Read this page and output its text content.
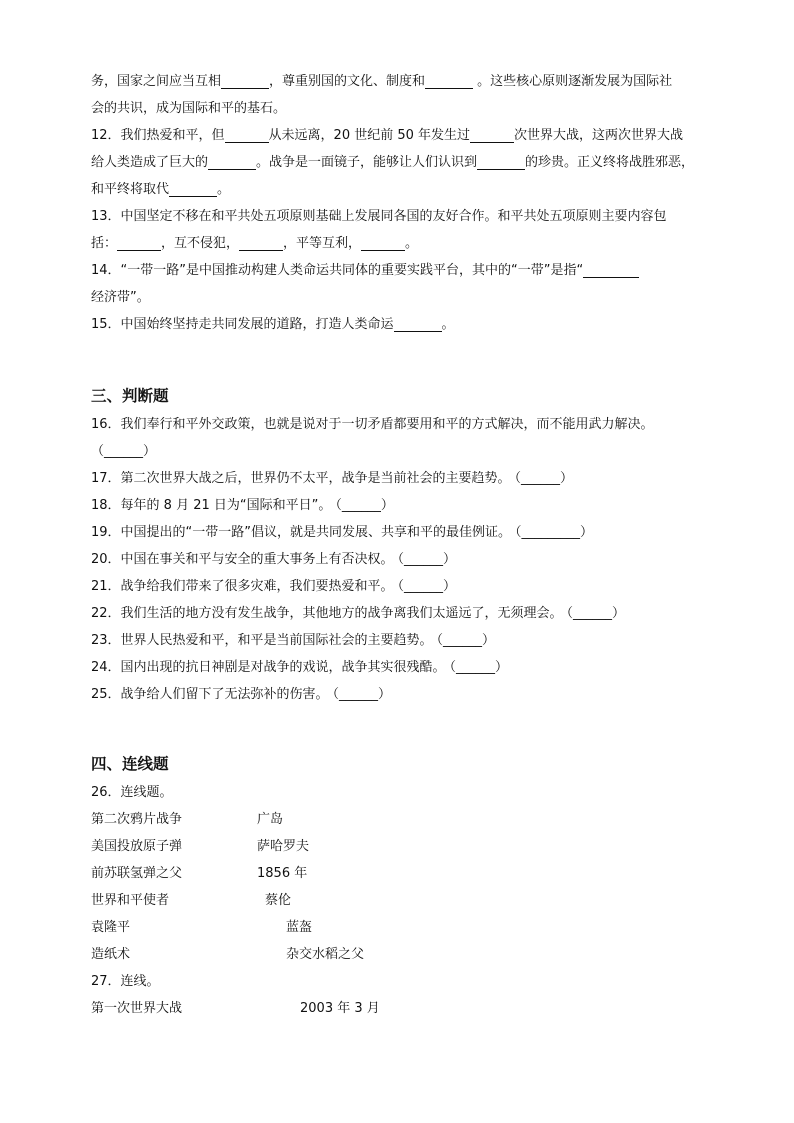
务，国家之间应当互相	，尊重别国的文化、制度和	。这些核心原则逐渐发展为国际社
会的共识，成为国际和平的基石。
12．我们热爱和平，但	从未远离，20 世纪前 50 年发生过	次世界大战，这两次世界大战
给人类造成了巨大的	。战争是一面镜子，能够让人们认识到	的珍贵。正义终将战胜邪恶，
和平终将取代	。
13．中国坚定不移在和平共处五项原则基础上发展同各国的友好合作。和平共处五项原则主要内容包
括：	，互不侵犯，	，平等互利，	。
14．“一带一路”是中国推动构建人类命运共同体的重要实践平台，其中的“一带”是指“
经济带”。
15．中国始终坚持走共同发展的道路，打造人类命运	。
三、判断题
16．我们奉行和平外交政策，也就是说对于一切矛盾都要用和平的方式解决，而不能用武力解决。
（______）
17．第二次世界大战之后，世界仍不太平，战争是当前社会的主要趋势。 （______）
18．每年的 8 月 21 日为“国际和平日”。 （______）
19．中国提出的“一带一路”倡议，就是共同发展、共享和平的最佳例证。 （_________）
20．中国在事关和平与安全的重大事务上有否决权。 （______）
21．战争给我们带来了很多灾难，我们要热爱和平。 （______）
22．我们生活的地方没有发生战争，其他地方的战争离我们太遥远了，无须理会。 （______）
23．世界人民热爱和平，和平是当前国际社会的主要趋势。 （______）
24．国内出现的抗日神剧是对战争的戏说，战争其实很残酷。 （______）
25．战争给人们留下了无法弥补的伤害。 （______）
四、连线题
26．连线题。
第二次鸦片战争	广岛
美国投放原子弹	萨哈罗夫
前苏联氢弹之父	1856 年
世界和平使者	蔡伦
袁隆平	蓝盔
造纸术	杂交水稻之父
27．连线。
第一次世界大战	2003 年 3 月
